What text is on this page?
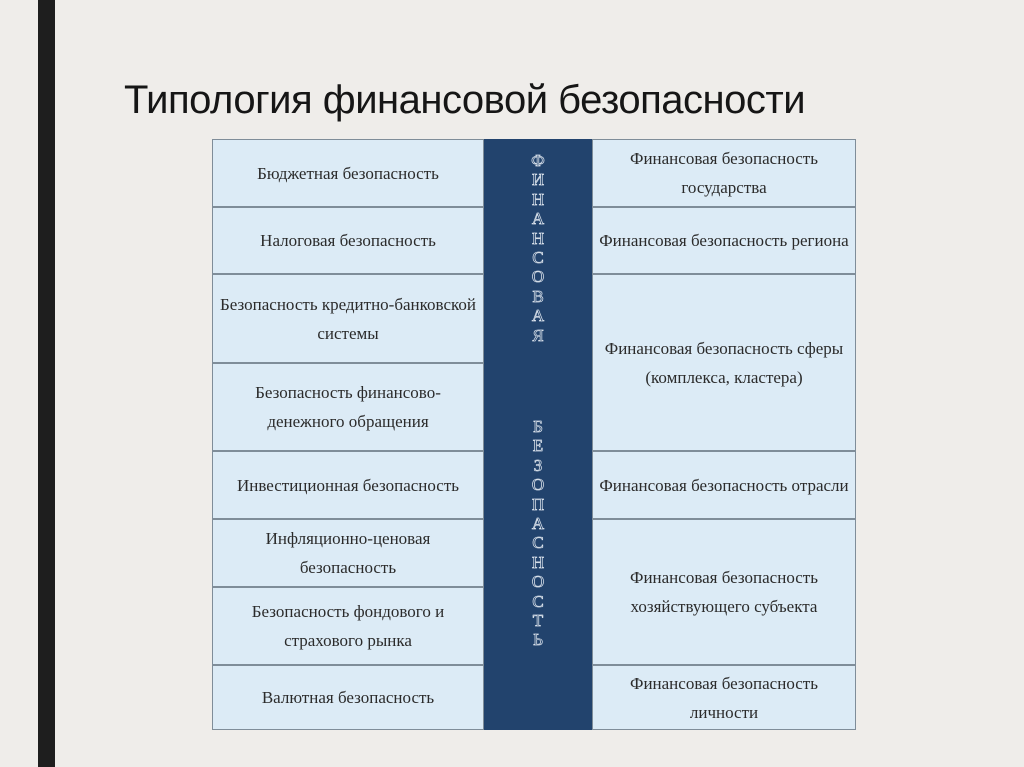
Типология финансовой безопасности
Бюджетная безопасность
Налоговая безопасность
Безопасность кредитно-банковской системы
Безопасность финансово-денежного обращения
Инвестиционная безопасность
Инфляционно-ценовая безопасность
Безопасность фондового и страхового рынка
Валютная безопасность
Ф
И
Н
А
Н
С
О
В
А
Я
Б
Е
З
О
П
А
С
Н
О
С
Т
Ь
Финансовая безопасность государства
Финансовая безопасность региона
Финансовая безопасность сферы (комплекса, кластера)
Финансовая безопасность отрасли
Финансовая безопасность хозяйствующего субъекта
Финансовая безопасность личности
